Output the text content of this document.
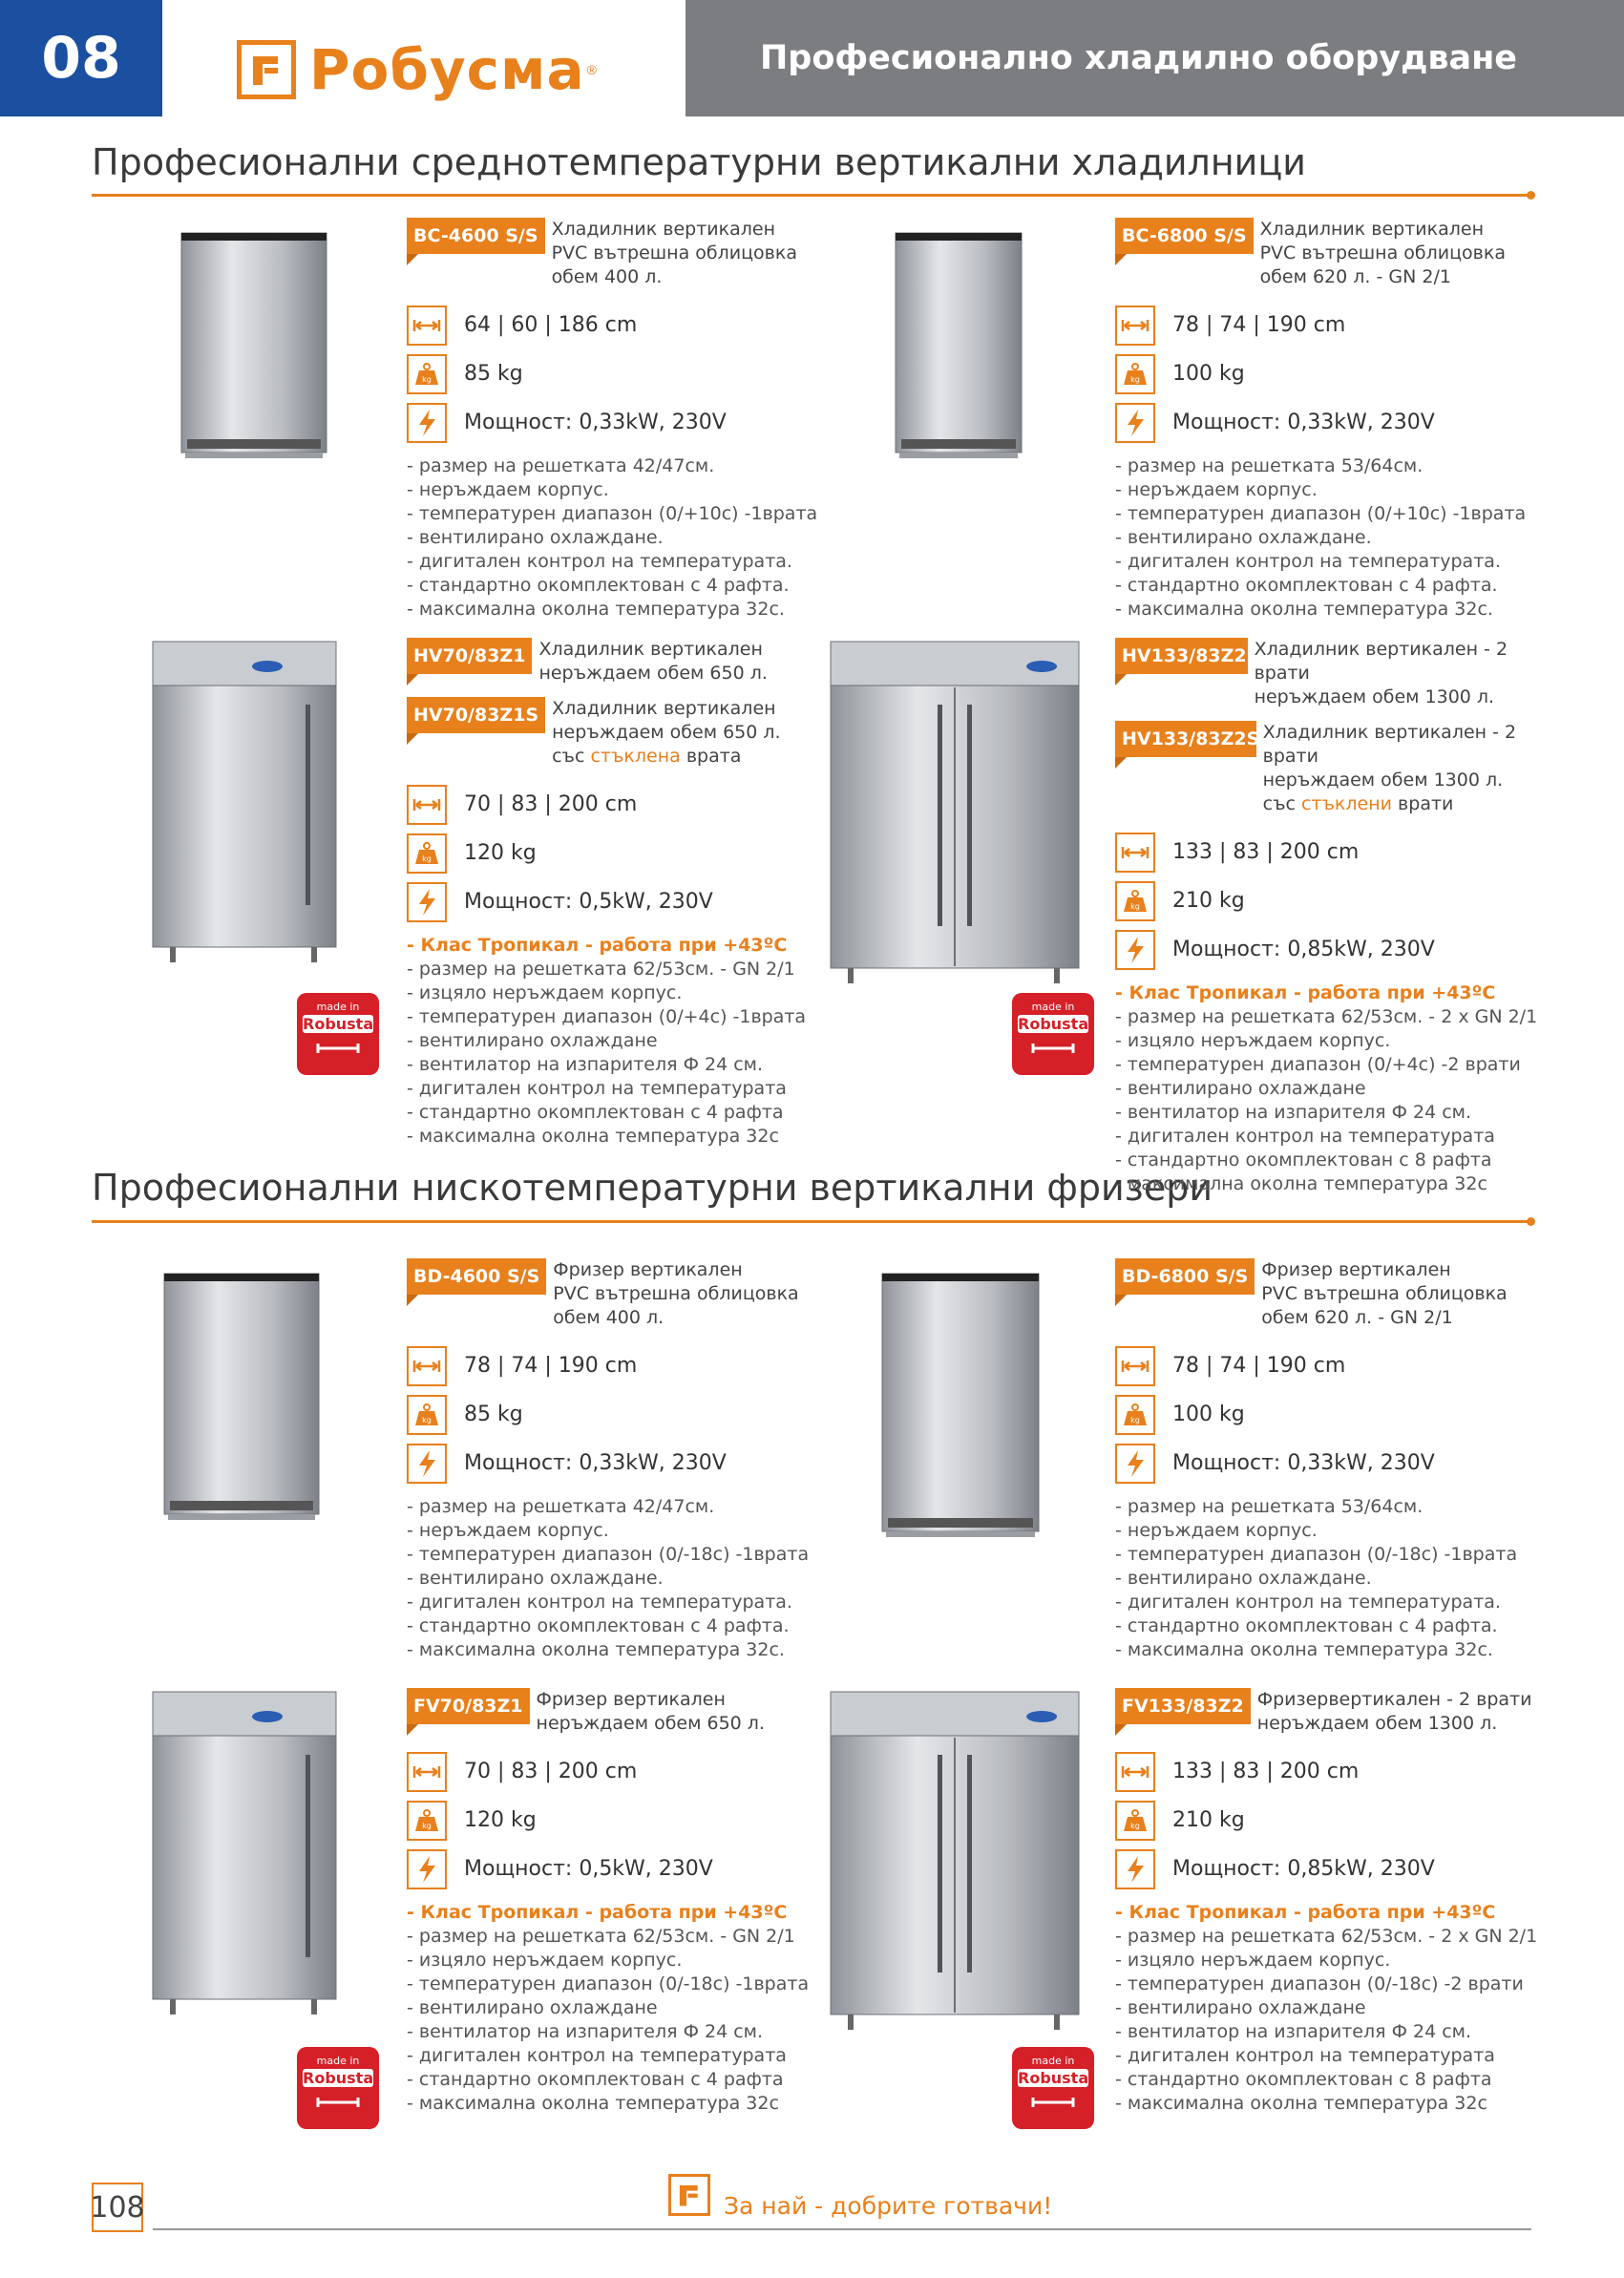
08	Робусма ®	Професионално хладилно оборудване
Професионални среднотемпературни вертикални хладилници
Професионални нискотемпературни вертикални фризери
BC-4600 S/S Хладилник вертикален
PVC вътрешна облицовка
обем 400 л.
64 | 60 | 186 cm
kg 85 kg
Мощност: 0,33kW, 230V
- размер на решетката 42/47см.
- неръждаем корпус.
- температурен диапазон (0/+10с) -1врата
- вентилирано охлаждане.
- дигитален контрол на температурата.
- стандартно окомплектован с 4 рафта.
- максимална околна температура 32с.
BC-6800 S/S Хладилник вертикален
PVC вътрешна облицовка
обем 620 л. - GN 2/1
78 | 74 | 190 cm
kg 100 kg
Мощност: 0,33kW, 230V
- размер на решетката 53/64см.
- неръждаем корпус.
- температурен диапазон (0/+10с) -1врата
- вентилирано охлаждане.
- дигитален контрол на температурата.
- стандартно окомплектован с 4 рафта.
- максимална околна температура 32с.
made in
Robusta
HV70/83Z1 Хладилник вертикален
неръждаем обем 650 л.
HV70/83Z1S Хладилник вертикален
неръждаем обем 650 л.
със стъклена врата
70 | 83 | 200 cm
kg 120 kg
Мощност: 0,5kW, 230V
- Клас Тропикал - работа при +43ºC
- размер на решетката 62/53см. - GN 2/1
- изцяло неръждаем корпус.
- температурен диапазон (0/+4с) -1врата
- вентилирано охлаждане
- вентилатор на изпарителя Ф 24 см.
- дигитален контрол на температурата
- стандартно окомплектован с 4 рафта
- максимална околна температура 32с
made in
Robusta
HV133/83Z2 Хладилник вертикален - 2 врати
неръждаем обем 1300 л.
HV133/83Z2S Хладилник вертикален - 2 врати
неръждаем обем 1300 л.
със стъклени врати
133 | 83 | 200 cm
kg 210 kg
Мощност: 0,85kW, 230V
- Клас Тропикал - работа при +43ºC
- размер на решетката 62/53см. - 2 x GN 2/1
- изцяло неръждаем корпус.
- температурен диапазон (0/+4с) -2 врати
- вентилирано охлаждане
- вентилатор на изпарителя Ф 24 см.
- дигитален контрол на температурата
- стандартно окомплектован с 8 рафта
- максимална околна температура 32с
BD-4600 S/S Фризер вертикален
PVC вътрешна облицовка
обем 400 л.
78 | 74 | 190 cm
kg 85 kg
Мощност: 0,33kW, 230V
- размер на решетката 42/47см.
- неръждаем корпус.
- температурен диапазон (0/-18с) -1врата
- вентилирано охлаждане.
- дигитален контрол на температурата.
- стандартно окомплектован с 4 рафта.
- максимална околна температура 32с.
BD-6800 S/S Фризер вертикален
PVC вътрешна облицовка
обем 620 л. - GN 2/1
78 | 74 | 190 cm
kg 100 kg
Мощност: 0,33kW, 230V
- размер на решетката 53/64см.
- неръждаем корпус.
- температурен диапазон (0/-18с) -1врата
- вентилирано охлаждане.
- дигитален контрол на температурата.
- стандартно окомплектован с 4 рафта.
- максимална околна температура 32с.
made in
Robusta
FV70/83Z1 Фризер вертикален
неръждаем обем 650 л.
70 | 83 | 200 cm
kg 120 kg
Мощност: 0,5kW, 230V
- Клас Тропикал - работа при +43ºC
- размер на решетката 62/53см. - GN 2/1
- изцяло неръждаем корпус.
- температурен диапазон (0/-18с) -1врата
- вентилирано охлаждане
- вентилатор на изпарителя Ф 24 см.
- дигитален контрол на температурата
- стандартно окомплектован с 4 рафта
- максимална околна температура 32с
made in
Robusta
FV133/83Z2 Фризервертикален - 2 врати
неръждаем обем 1300 л.
133 | 83 | 200 cm
kg 210 kg
Мощност: 0,85kW, 230V
- Клас Тропикал - работа при +43ºC
- размер на решетката 62/53см. - 2 x GN 2/1
- изцяло неръждаем корпус.
- температурен диапазон (0/-18с) -2 врати
- вентилирано охлаждане
- вентилатор на изпарителя Ф 24 см.
- дигитален контрол на температурата
- стандартно окомплектован с 8 рафта
- максимална околна температура 32с
108	За най - добрите готвачи!
